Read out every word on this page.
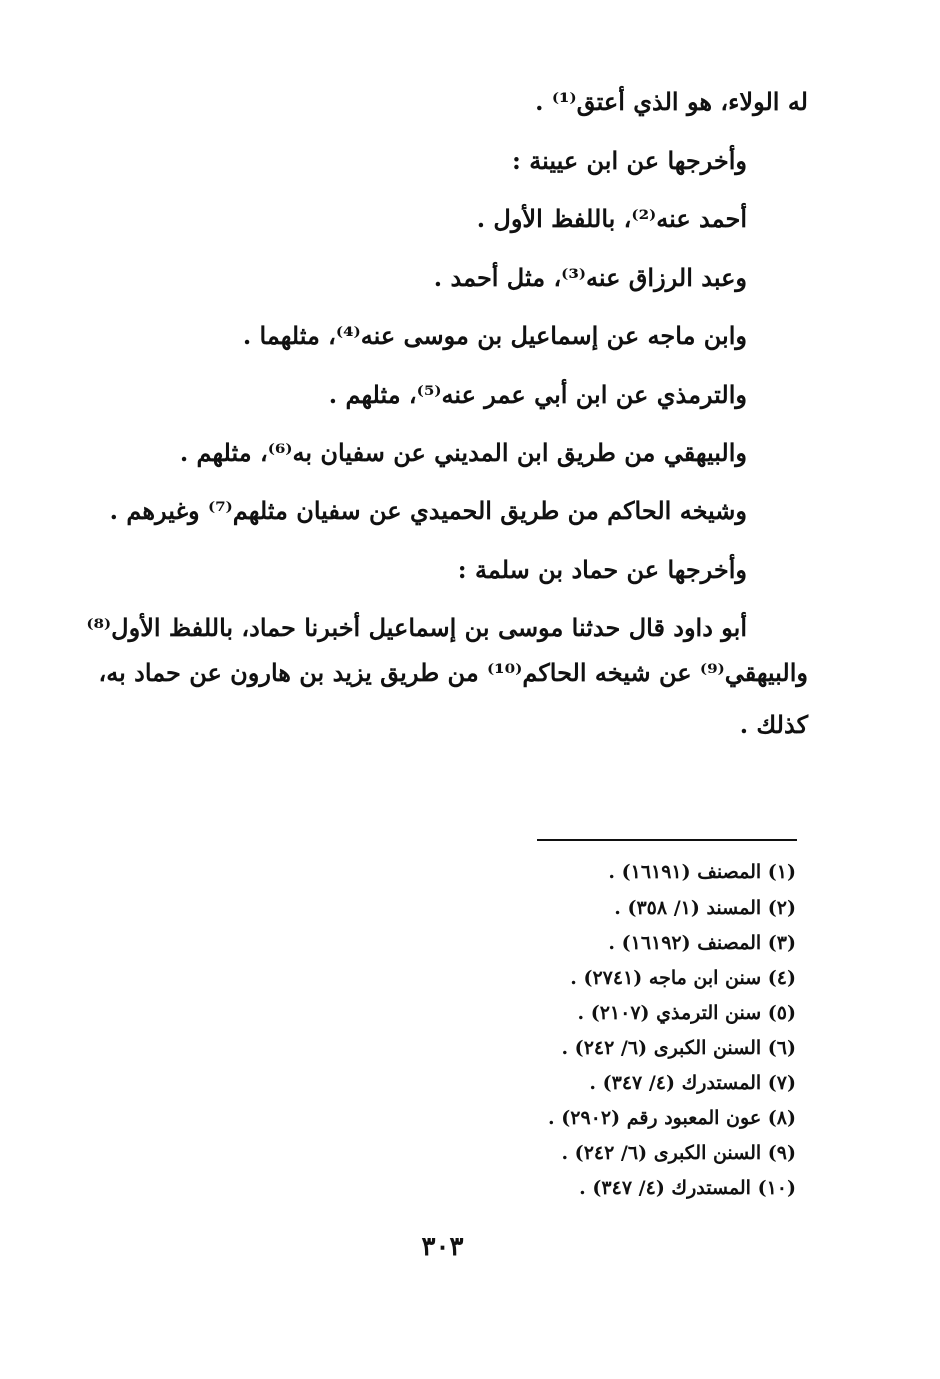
له الولاء، هو الذي أعتق⁽¹⁾ .
وأخرجها عن ابن عيينة :
أحمد عنه⁽²⁾، باللفظ الأول .
وعبد الرزاق عنه⁽³⁾، مثل أحمد .
وابن ماجه عن إسماعيل بن موسى عنه⁽⁴⁾، مثلهما .
والترمذي عن ابن أبي عمر عنه⁽⁵⁾، مثلهم .
والبيهقي من طريق ابن المديني عن سفيان به⁽⁶⁾، مثلهم .
وشيخه الحاكم من طريق الحميدي عن سفيان مثلهم⁽⁷⁾ وغيرهم .
وأخرجها عن حماد بن سلمة :
أبو داود قال حدثنا موسى بن إسماعيل أخبرنا حماد، باللفظ الأول⁽⁸⁾
والبيهقي⁽⁹⁾ عن شيخه الحاكم⁽¹⁰⁾ من طريق يزيد بن هارون عن حماد به،
كذلك .
(١) المصنف (١٦١٩١) .
(٢) المسند (١/ ٣٥٨) .
(٣) المصنف (١٦١٩٢) .
(٤) سنن ابن ماجه (٢٧٤١) .
(٥) سنن الترمذي (٢١٠٧) .
(٦) السنن الكبرى (٦/ ٢٤٢) .
(٧) المستدرك (٤/ ٣٤٧) .
(٨) عون المعبود رقم (٢٩٠٢) .
(٩) السنن الكبرى (٦/ ٢٤٢) .
(١٠) المستدرك (٤/ ٣٤٧) .
٣٠٣
